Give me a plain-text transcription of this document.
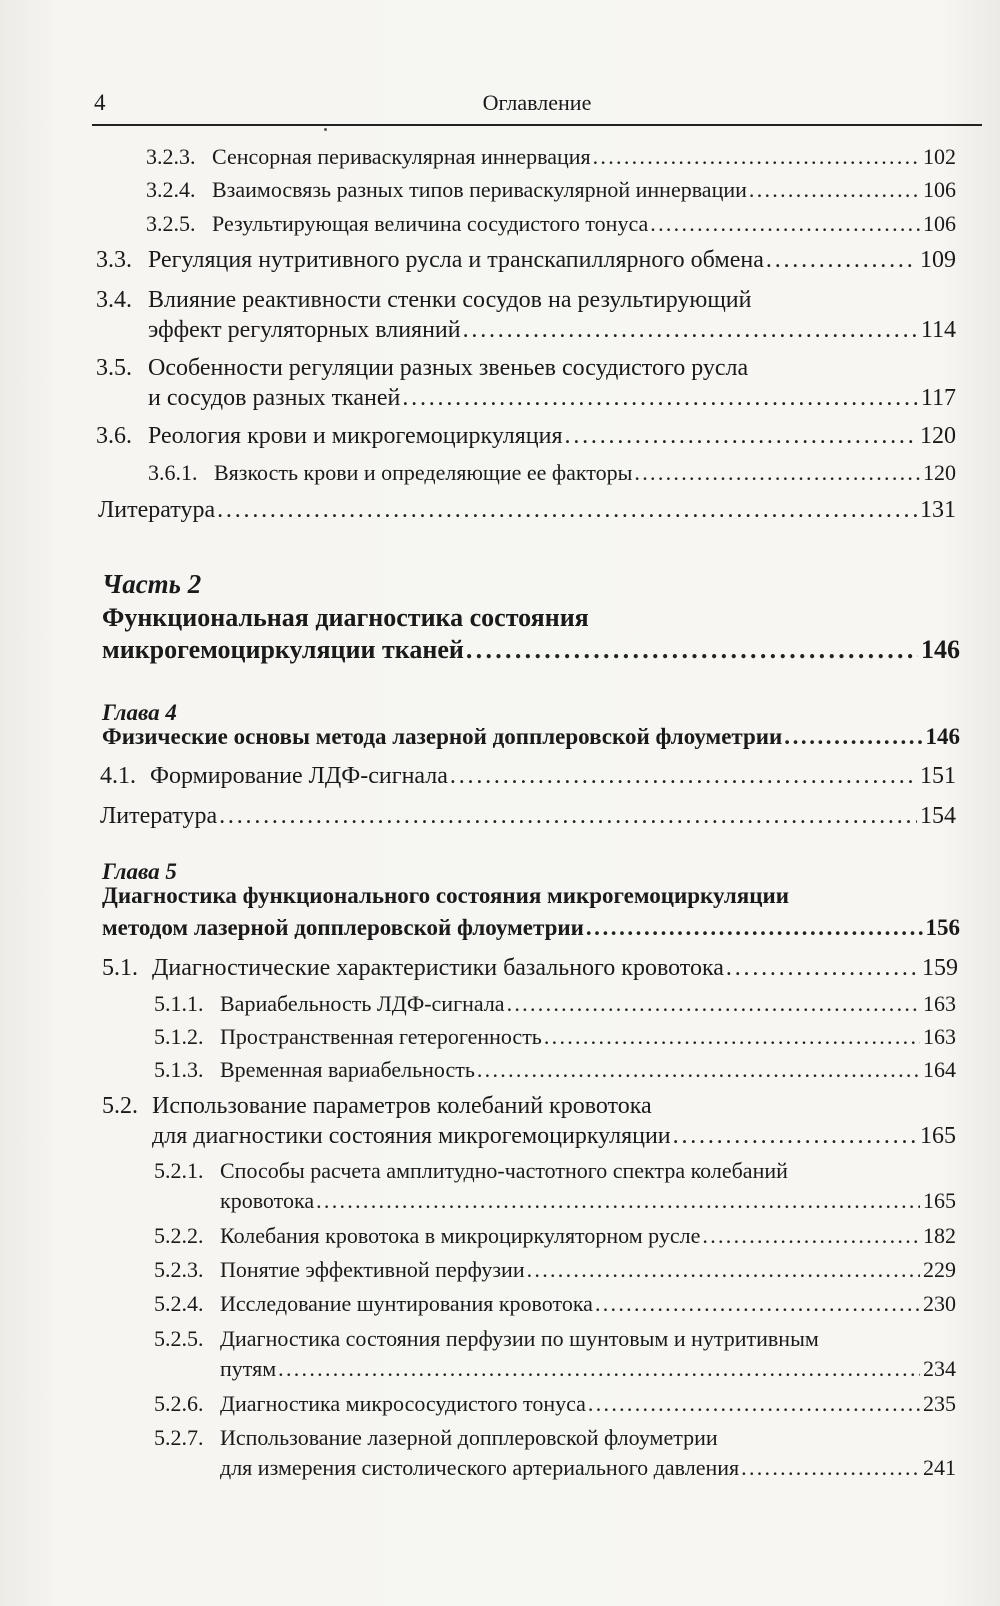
4	Оглавление
3.2.3. Сенсорная периваскулярная иннервация . . .	102
3.2.4. Взаимосвязь разных типов периваскулярной иннервации . . .	106
3.2.5. Результирующая величина сосудистого тонуса . . .	106
3.3. Регуляция нутритивного русла и транскапиллярного обмена . . .	109
3.4. Влияние реактивности стенки сосудов на результирующий
эффект регуляторных влияний . . .	114
3.5. Особенности регуляции разных звеньев сосудистого русла
и сосудов разных тканей . . .	117
3.6. Реология крови и микрогемоциркуляция . . .	120
3.6.1. Вязкость крови и определяющие ее факторы . . .	120
Литература . . .	131
Часть 2
Функциональная диагностика состояния
микрогемоциркуляции тканей . . .	146
Глава 4
Физические основы метода лазерной допплеровской флоуметрии . . .	146
4.1. Формирование ЛДФ-сигнала . . .	151
Литература . . .	154
Глава 5
Диагностика функционального состояния микрогемоциркуляции
методом лазерной допплеровской флоуметрии . . .	156
5.1. Диагностические характеристики базального кровотока . . .	159
5.1.1. Вариабельность ЛДФ-сигнала . . .	163
5.1.2. Пространственная гетерогенность . . .	163
5.1.3. Временная вариабельность . . .	164
5.2. Использование параметров колебаний кровотока
для диагностики состояния микрогемоциркуляции . . .	165
5.2.1. Способы расчета амплитудно-частотного спектра колебаний
кровотока . . .	165
5.2.2. Колебания кровотока в микроциркуляторном русле . . .	182
5.2.3. Понятие эффективной перфузии . . .	229
5.2.4. Исследование шунтирования кровотока . . .	230
5.2.5. Диагностика состояния перфузии по шунтовым и нутритивным
путям . . .	234
5.2.6. Диагностика микрососудистого тонуса . . .	235
5.2.7. Использование лазерной допплеровской флоуметрии
для измерения систолического артериального давления . . .	241
